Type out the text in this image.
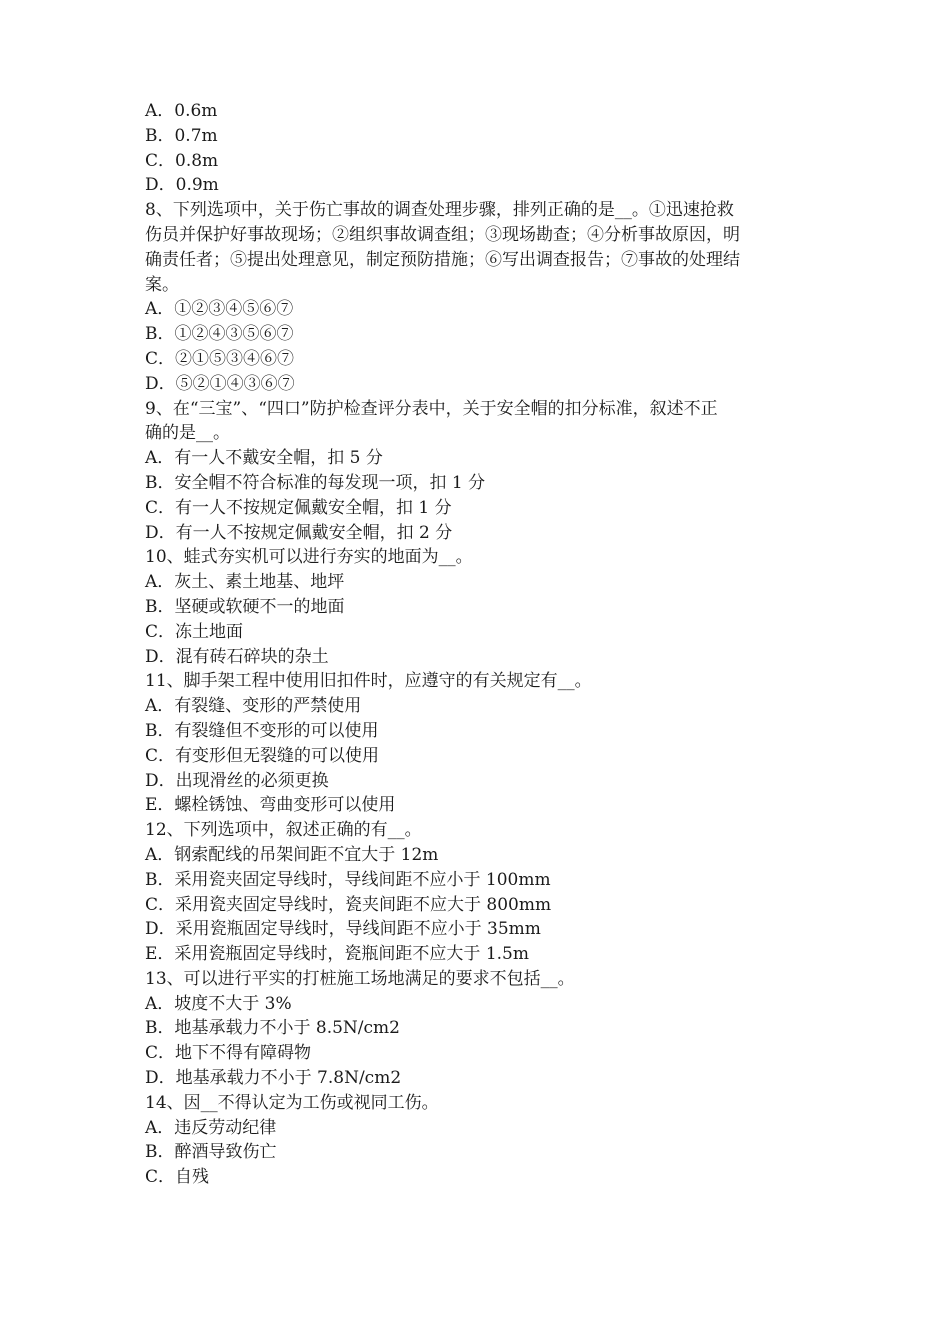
A．0.6m
B．0.7m
C．0.8m
D．0.9m
8、下列选项中，关于伤亡事故的调查处理步骤，排列正确的是__。①迅速抢救
伤员并保护好事故现场；②组织事故调查组；③现场勘查；④分析事故原因，明
确责任者；⑤提出处理意见，制定预防措施；⑥写出调查报告；⑦事故的处理结
案。
A．①②③④⑤⑥⑦
B．①②④③⑤⑥⑦
C．②①⑤③④⑥⑦
D．⑤②①④③⑥⑦
9、在“三宝”、“四口”防护检查评分表中，关于安全帽的扣分标准，叙述不正
确的是__。
A．有一人不戴安全帽，扣 5 分
B．安全帽不符合标准的每发现一项，扣 1 分
C．有一人不按规定佩戴安全帽，扣 1 分
D．有一人不按规定佩戴安全帽，扣 2 分
10、蛙式夯实机可以进行夯实的地面为__。
A．灰土、素土地基、地坪
B．坚硬或软硬不一的地面
C．冻土地面
D．混有砖石碎块的杂土
11、脚手架工程中使用旧扣件时，应遵守的有关规定有__。
A．有裂缝、变形的严禁使用
B．有裂缝但不变形的可以使用
C．有变形但无裂缝的可以使用
D．出现滑丝的必须更换
E．螺栓锈蚀、弯曲变形可以使用
12、下列选项中，叙述正确的有__。
A．钢索配线的吊架间距不宜大于 12m
B．采用瓷夹固定导线时，导线间距不应小于 100mm
C．采用瓷夹固定导线时，瓷夹间距不应大于 800mm
D．采用瓷瓶固定导线时，导线间距不应小于 35mm
E．采用瓷瓶固定导线时，瓷瓶间距不应大于 1.5m
13、可以进行平实的打桩施工场地满足的要求不包括__。
A．坡度不大于 3%
B．地基承载力不小于 8.5N/cm2
C．地下不得有障碍物
D．地基承载力不小于 7.8N/cm2
14、因__不得认定为工伤或视同工伤。
A．违反劳动纪律
B．醉酒导致伤亡
C．自残
